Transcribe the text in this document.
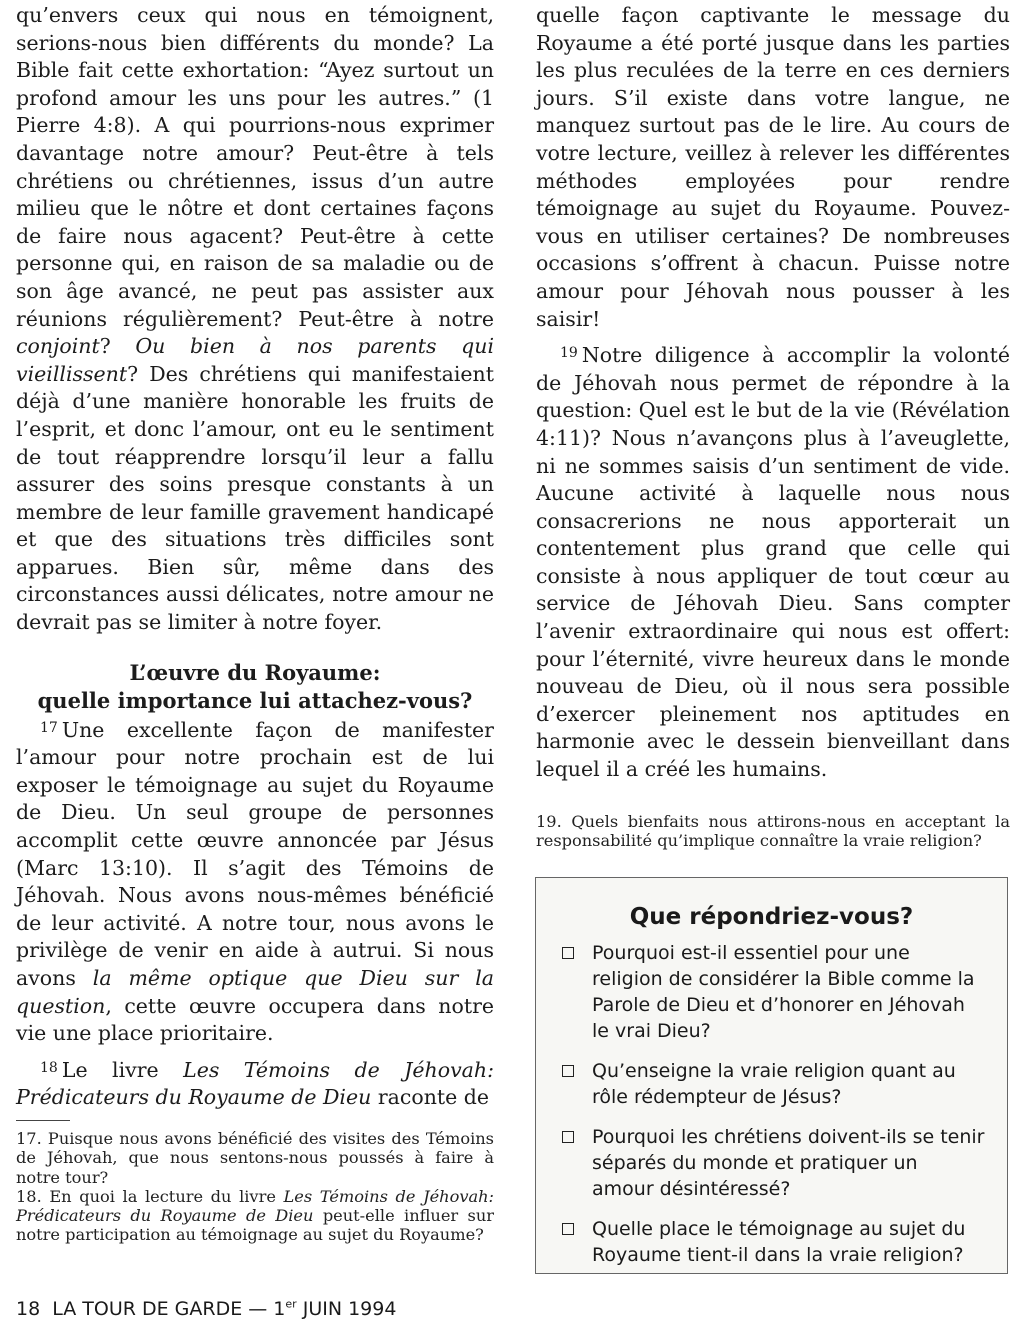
qu’envers ceux qui nous en témoignent, serions-nous bien différents du monde? La Bible fait cette exhortation: “Ayez surtout un profond amour les uns pour les autres.” (1 Pierre 4:8). A qui pourrions-nous exprimer davantage notre amour? Peut-être à tels chrétiens ou chrétiennes, issus d’un autre milieu que le nôtre et dont certaines façons de faire nous agacent? Peut-être à cette personne qui, en raison de sa maladie ou de son âge avancé, ne peut pas assister aux réunions régulièrement? Peut-être à notre conjoint? Ou bien à nos parents qui vieillissent? Des chrétiens qui manifestaient déjà d’une manière honorable les fruits de l’esprit, et donc l’amour, ont eu le sentiment de tout réapprendre lorsqu’il leur a fallu assurer des soins presque constants à un membre de leur famille gravement handicapé et que des situations très difficiles sont apparues. Bien sûr, même dans des circonstances aussi délicates, notre amour ne devrait pas se limiter à notre foyer.

L’œuvre du Royaume:
quelle importance lui attachez-vous?

$^{17}$ Une excellente façon de manifester l’amour pour notre prochain est de lui exposer le témoignage au sujet du Royaume de Dieu. Un seul groupe de personnes accomplit cette œuvre annoncée par Jésus (Marc 13:10). Il s’agit des Témoins de Jéhovah. Nous avons nous-mêmes bénéficié de leur activité. A notre tour, nous avons le privilège de venir en aide à autrui. Si nous avons la même optique que Dieu sur la question, cette œuvre occupera dans notre vie une place prioritaire.

$^{18}$ Le livre Les Témoins de Jéhovah: Prédicateurs du Royaume de Dieu raconte de

17. Puisque nous avons bénéficié des visites des Témoins de Jéhovah, que nous sentons-nous poussés à faire à notre tour?

18. En quoi la lecture du livre Les Témoins de Jéhovah: Prédicateurs du Royaume de Dieu peut-elle influer sur notre participation au témoignage au sujet du Royaume?

quelle façon captivante le message du Royaume a été porté jusque dans les parties les plus reculées de la terre en ces derniers jours. S’il existe dans votre langue, ne manquez surtout pas de le lire. Au cours de votre lecture, veillez à relever les différentes méthodes employées pour rendre témoignage au sujet du Royaume. Pouvez-vous en utiliser certaines? De nombreuses occasions s’offrent à chacun. Puisse notre amour pour Jéhovah nous pousser à les saisir!

$^{19}$ Notre diligence à accomplir la volonté de Jéhovah nous permet de répondre à la question: Quel est le but de la vie (Révélation 4:11)? Nous n’avançons plus à l’aveuglette, ni ne sommes saisis d’un sentiment de vide. Aucune activité à laquelle nous nous consacrerions ne nous apporterait un contentement plus grand que celle qui consiste à nous appliquer de tout cœur au service de Jéhovah Dieu. Sans compter l’avenir extraordinaire qui nous est offert: pour l’éternité, vivre heureux dans le monde nouveau de Dieu, où il nous sera possible d’exercer pleinement nos aptitudes en harmonie avec le dessein bienveillant dans lequel il a créé les humains.

19. Quels bienfaits nous attirons-nous en acceptant la responsabilité qu’implique connaître la vraie religion?

Que répondriez-vous?
Pourquoi est-il essentiel pour une religion de considérer la Bible comme la Parole de Dieu et d’honorer en Jéhovah le vrai Dieu?
Qu’enseigne la vraie religion quant au rôle rédempteur de Jésus?
Pourquoi les chrétiens doivent-ils se tenir séparés du monde et pratiquer un amour désintéressé?
Quelle place le témoignage au sujet du Royaume tient-il dans la vraie religion?
18 LA TOUR DE GARDE — 1er JUIN 1994
